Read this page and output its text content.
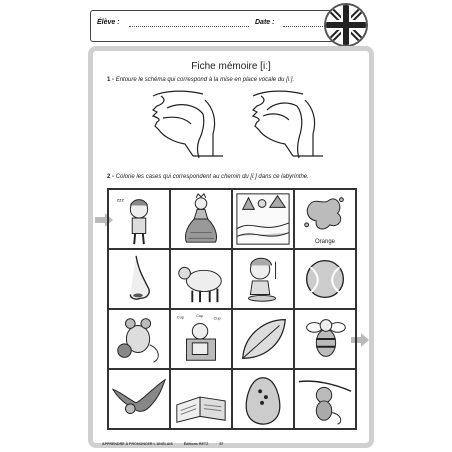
Élève :	Date :
Fiche mémoire [iː]
1 - Entoure le schéma qui correspond à la mise en place vocale du [iː].
2 - Colorie les cases qui correspondent au chemin du [iː] dans ce labyrinthe.
zzz
Orange
Cup	Cup
Cup
APPRENDRE À PRONONCER L'ANGLAIS	Éditions RETZ	57
